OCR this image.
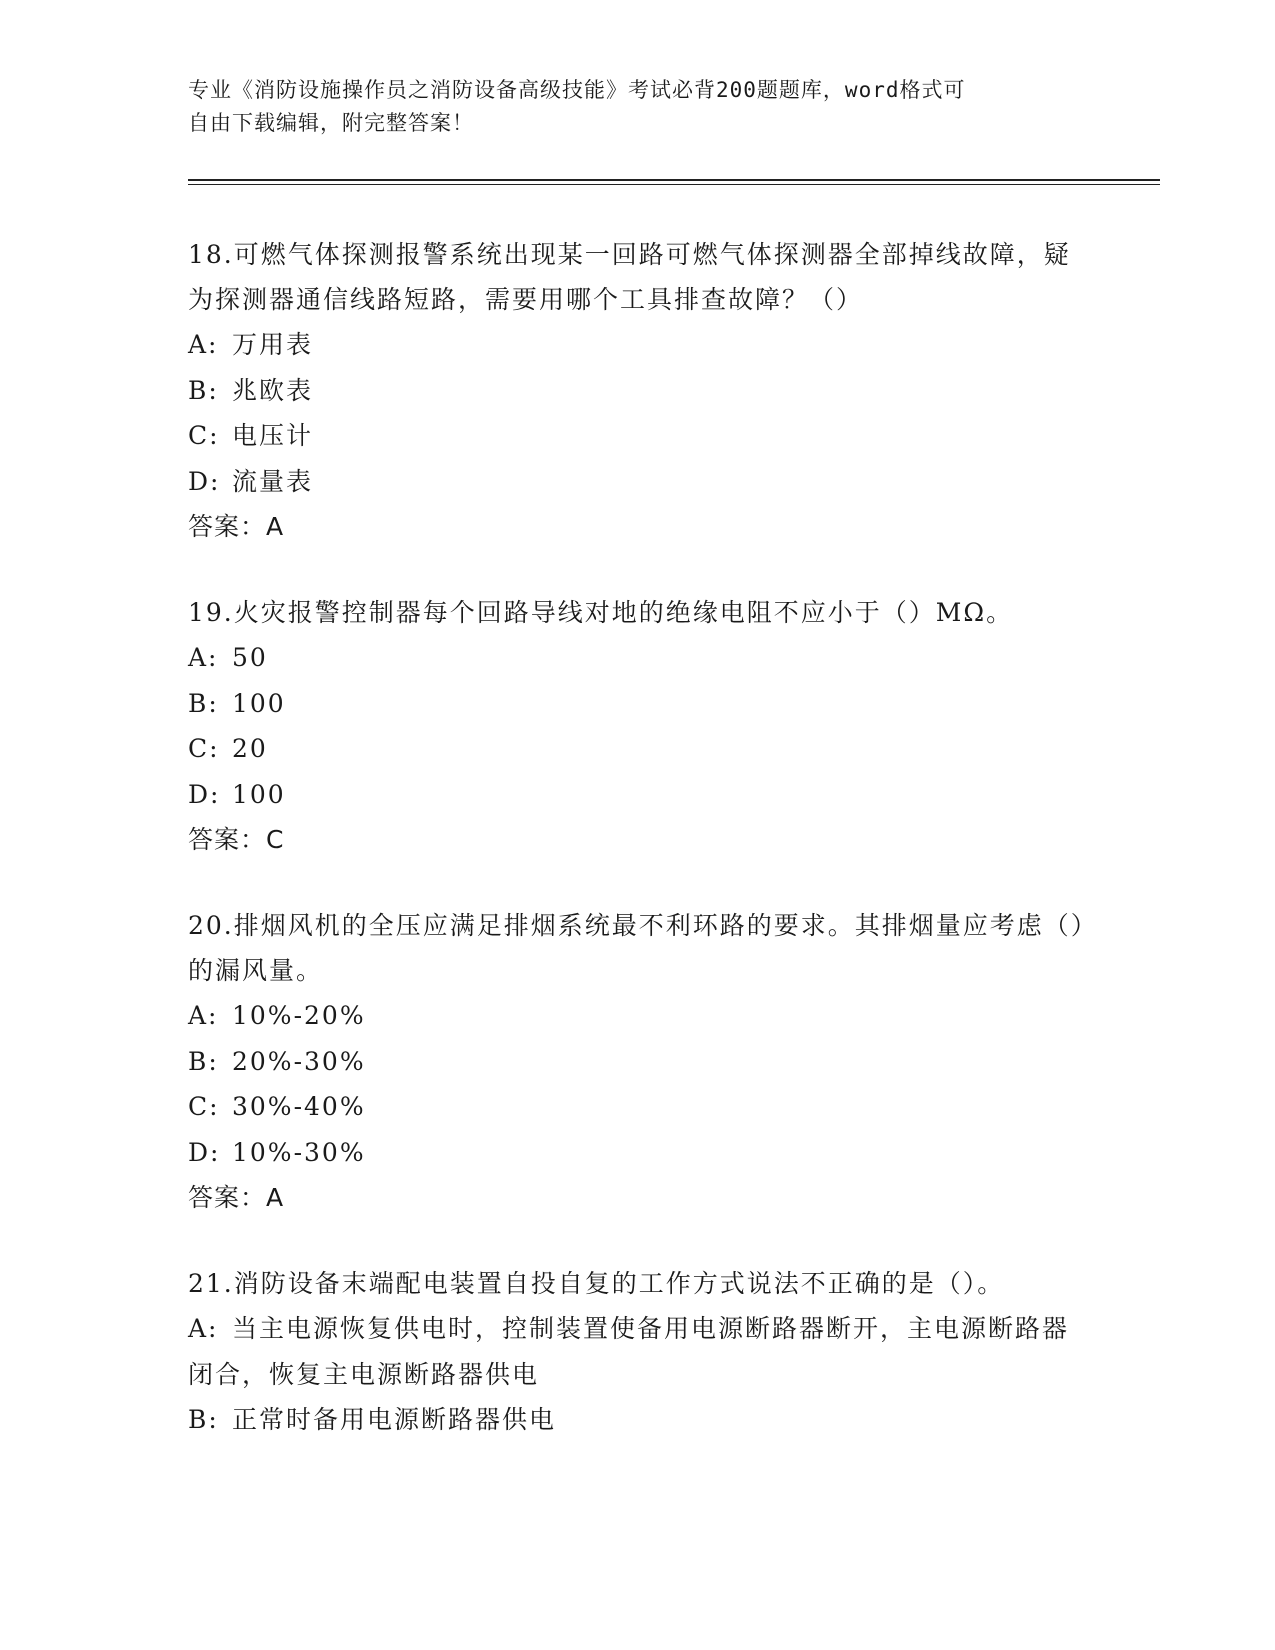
专业《消防设施操作员之消防设备高级技能》考试必背200题题库，word格式可
自由下载编辑，附完整答案！
18.可燃气体探测报警系统出现某一回路可燃气体探测器全部掉线故障，疑为探测器通信线路短路，需要用哪个工具排查故障？（）
A: 万用表
B: 兆欧表
C: 电压计
D: 流量表
答案：A
19.火灾报警控制器每个回路导线对地的绝缘电阻不应小于（）MΩ。
A: 50
B: 100
C: 20
D: 100
答案：C
20.排烟风机的全压应满足排烟系统最不利环路的要求。其排烟量应考虑（）的漏风量。
A: 10%-20%
B: 20%-30%
C: 30%-40%
D: 10%-30%
答案：A
21.消防设备末端配电装置自投自复的工作方式说法不正确的是（）。
A: 当主电源恢复供电时，控制装置使备用电源断路器断开，主电源断路器闭合，恢复主电源断路器供电
B: 正常时备用电源断路器供电
